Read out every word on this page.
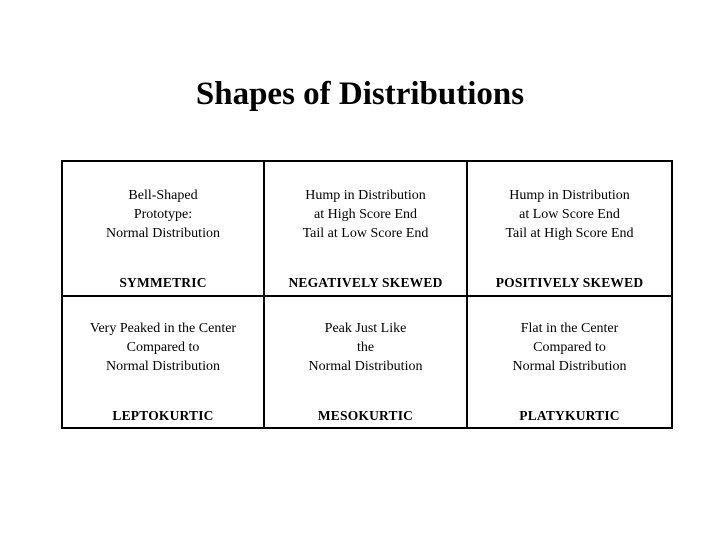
Shapes of Distributions

Bell-Shaped
Prototype:
Normal Distribution

SYMMETRIC

Hump in Distribution
at High Score End
Tail at Low Score End

NEGATIVELY SKEWED

Hump in Distribution
at Low Score End
Tail at High Score End

POSITIVELY SKEWED

Very Peaked in the Center
Compared to
Normal Distribution

LEPTOKURTIC

Peak Just Like
the
Normal Distribution

MESOKURTIC

Flat in the Center
Compared to
Normal Distribution

PLATYKURTIC
